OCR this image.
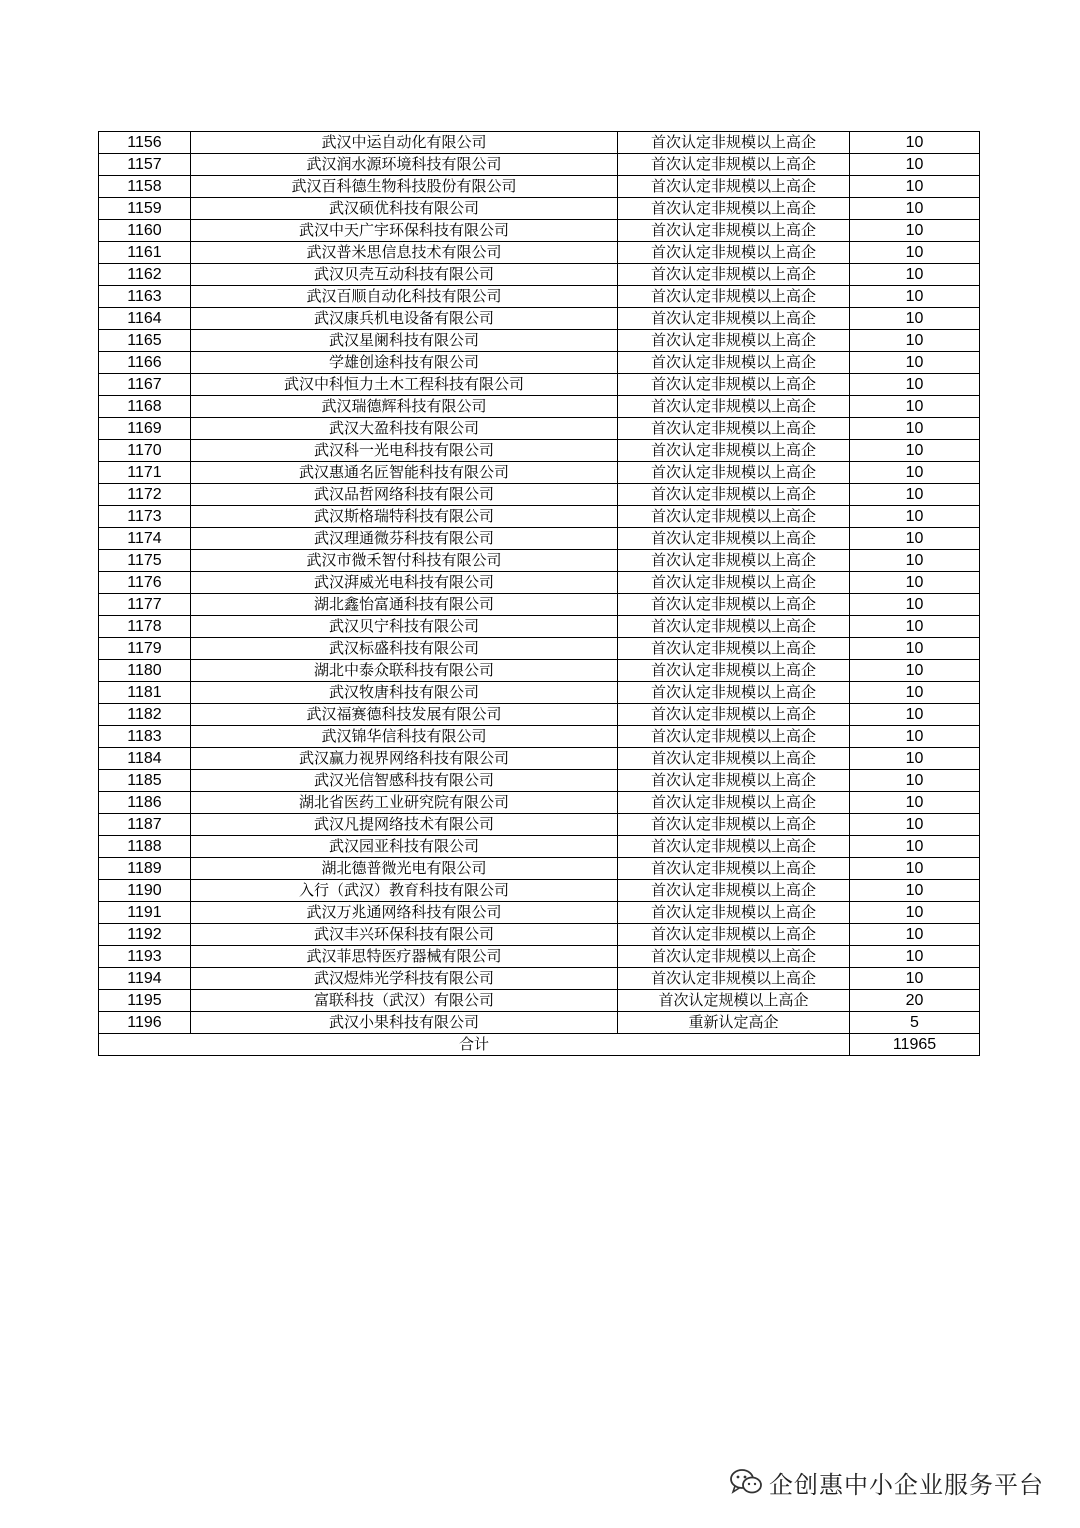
1156	武汉中运自动化有限公司	首次认定非规模以上高企	10
1157	武汉润水源环境科技有限公司	首次认定非规模以上高企	10
1158	武汉百科德生物科技股份有限公司	首次认定非规模以上高企	10
1159	武汉硕优科技有限公司	首次认定非规模以上高企	10
1160	武汉中天广宇环保科技有限公司	首次认定非规模以上高企	10
1161	武汉普米思信息技术有限公司	首次认定非规模以上高企	10
1162	武汉贝壳互动科技有限公司	首次认定非规模以上高企	10
1163	武汉百顺自动化科技有限公司	首次认定非规模以上高企	10
1164	武汉康兵机电设备有限公司	首次认定非规模以上高企	10
1165	武汉星阑科技有限公司	首次认定非规模以上高企	10
1166	学雄创途科技有限公司	首次认定非规模以上高企	10
1167	武汉中科恒力土木工程科技有限公司	首次认定非规模以上高企	10
1168	武汉瑞德辉科技有限公司	首次认定非规模以上高企	10
1169	武汉大盈科技有限公司	首次认定非规模以上高企	10
1170	武汉科一光电科技有限公司	首次认定非规模以上高企	10
1171	武汉惠通名匠智能科技有限公司	首次认定非规模以上高企	10
1172	武汉品哲网络科技有限公司	首次认定非规模以上高企	10
1173	武汉斯格瑞特科技有限公司	首次认定非规模以上高企	10
1174	武汉理通微芬科技有限公司	首次认定非规模以上高企	10
1175	武汉市微禾智付科技有限公司	首次认定非规模以上高企	10
1176	武汉湃威光电科技有限公司	首次认定非规模以上高企	10
1177	湖北鑫怡富通科技有限公司	首次认定非规模以上高企	10
1178	武汉贝宁科技有限公司	首次认定非规模以上高企	10
1179	武汉标盛科技有限公司	首次认定非规模以上高企	10
1180	湖北中泰众联科技有限公司	首次认定非规模以上高企	10
1181	武汉牧唐科技有限公司	首次认定非规模以上高企	10
1182	武汉福赛德科技发展有限公司	首次认定非规模以上高企	10
1183	武汉锦华信科技有限公司	首次认定非规模以上高企	10
1184	武汉赢力视界网络科技有限公司	首次认定非规模以上高企	10
1185	武汉光信智感科技有限公司	首次认定非规模以上高企	10
1186	湖北省医药工业研究院有限公司	首次认定非规模以上高企	10
1187	武汉凡提网络技术有限公司	首次认定非规模以上高企	10
1188	武汉园亚科技有限公司	首次认定非规模以上高企	10
1189	湖北德普微光电有限公司	首次认定非规模以上高企	10
1190	入行（武汉）教育科技有限公司	首次认定非规模以上高企	10
1191	武汉万兆通网络科技有限公司	首次认定非规模以上高企	10
1192	武汉丰兴环保科技有限公司	首次认定非规模以上高企	10
1193	武汉菲思特医疗器械有限公司	首次认定非规模以上高企	10
1194	武汉煜炜光学科技有限公司	首次认定非规模以上高企	10
1195	富联科技（武汉）有限公司	首次认定规模以上高企	20
1196	武汉小果科技有限公司	重新认定高企	5
合计			11965
企创惠中小企业服务平台
